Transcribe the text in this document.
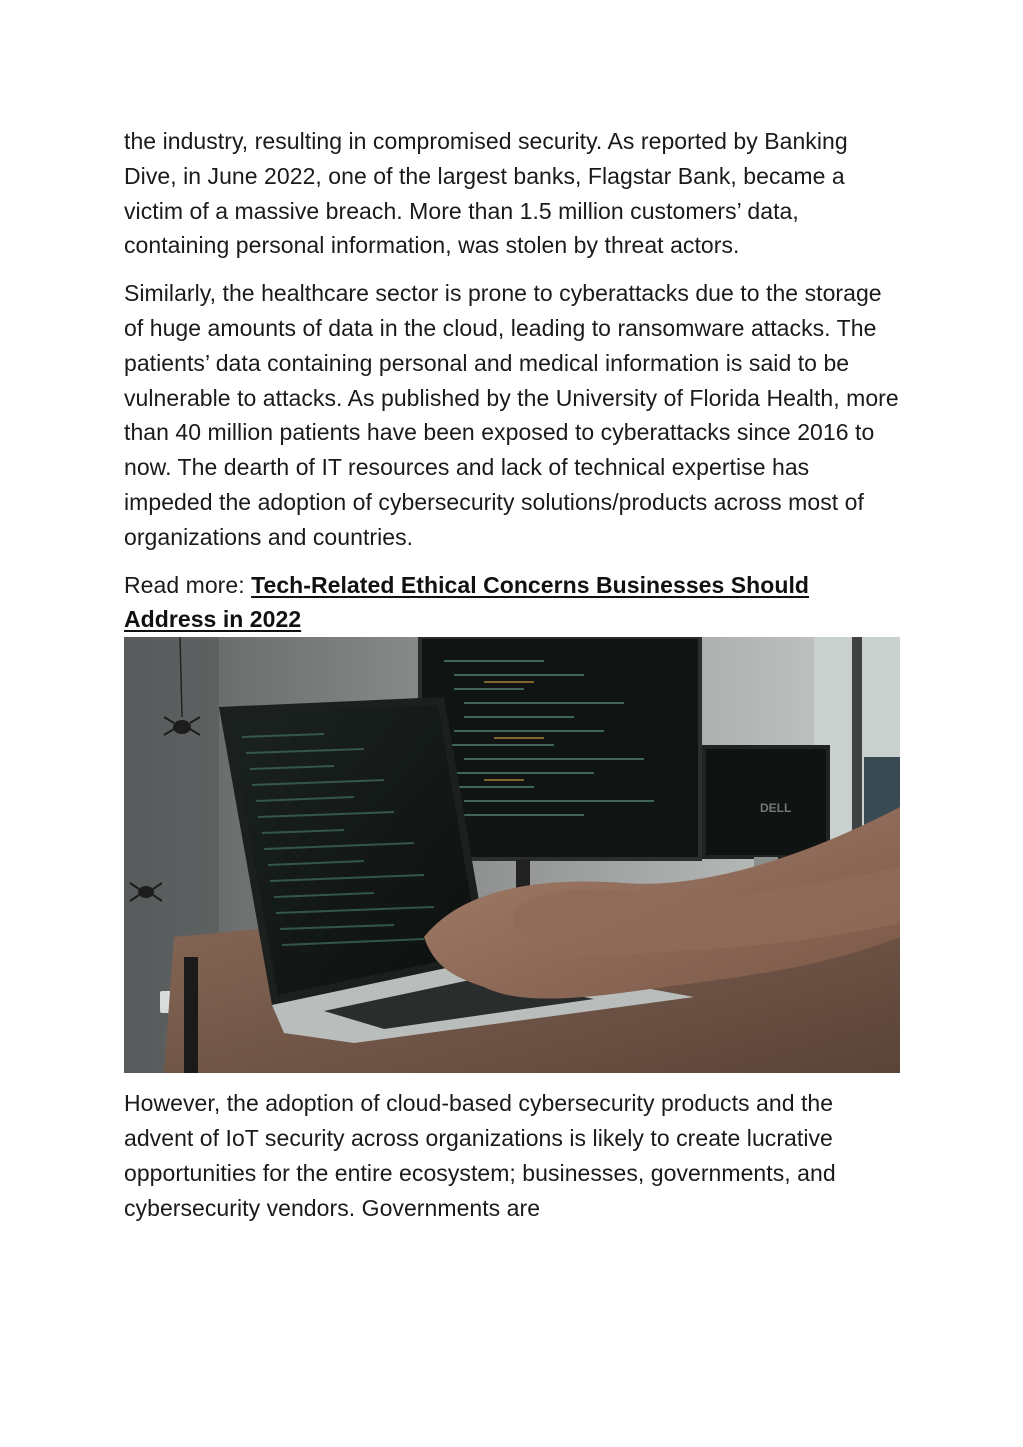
the industry, resulting in compromised security. As reported by Banking Dive, in June 2022, one of the largest banks, Flagstar Bank, became a victim of a massive breach. More than 1.5 million customers’ data, containing personal information, was stolen by threat actors.

Similarly, the healthcare sector is prone to cyberattacks due to the storage of huge amounts of data in the cloud, leading to ransomware attacks. The patients’ data containing personal and medical information is said to be vulnerable to attacks. As published by the University of Florida Health, more than 40 million patients have been exposed to cyberattacks since 2016 to now. The dearth of IT resources and lack of technical expertise has impeded the adoption of cybersecurity solutions/products across most of organizations and countries.

Read more: Tech-Related Ethical Concerns Businesses Should Address in 2022

DELL

However, the adoption of cloud-based cybersecurity products and the advent of IoT security across organizations is likely to create lucrative opportunities for the entire ecosystem; businesses, governments, and cybersecurity vendors. Governments are
